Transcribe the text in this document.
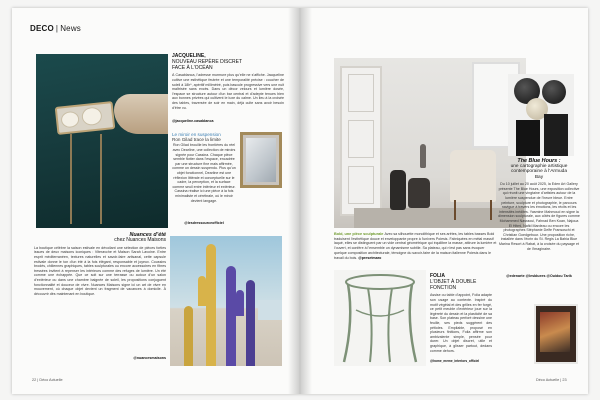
DECO | News
JACQUELINE,
NOUVEAU REPÈRE DISCRET
FACE À L’OCÉAN
À Casablanca, l’adresse murmure plus qu’elle ne s’affiche. Jacqueline cultive une esthétique feutrée et une temporalité précise : coucher de soleil à 18h*, apéritif millimétré, puis bascule progressive vers une nuit maîtrisée sans excès. Dans un décor velours et lumière dosée, l’espace se structure autour d’un bar central et d’adepte tenues bien aux bonnes privées qui cultivent le luxe du calme. Un lieu à la croisée des tables, traversée de soir en main, déjà culte sans avoir besoin d’être vu.
@jacqueline.casablanca
Le miroir en suspension
Ron Gilad trace la limite
Ron Gilad brouille les frontières du réel avec Dearline, une collection de miroirs signée pour Cassina. Chaque pièce semble flotter dans l’espace, encadrée par une structure fine mais affirmée, comme un dessin suspendu. Plus qu’un objet fonctionnel, Dearline est une réflexion littérale et conceptuelle sur le cadre, la perception, et la surface comme seuil entre intérieur et extérieur. Cassina réalise ici une pièce à la fois minimaliste et cérébrale, où le miroir devient langage.
@lesdressourceofficiel
Nuances d’été
chez Nuances Maisons
La boutique célèbre la saison estivale en dévoilant une sélection de pièces forties issues de deux maisons iconiques : Viteravche et Maison Sarah Lavoine. Entre esprit méditerranéen, textures naturelles et savoir-faire artisanal, cette capsule estivale donne le ton d’un été à la fois élégant, responsable et joyeux. Coussins brodés, chiliennes graphiques, tables sculpturales ou encore accessoires en fibres tressées invitent à repenser les intérieurs comme des refuges de lumière. Un été comme une échappée. Que ce soit sur une terrasse ou autour d’un salon d’extérieur ou dans une chambre baignée de soleil, les propositions conjuguent fonctionnalité et douceur de vivre. Nuances Maisons signe ici un art de vivre en mouvement, où chaque objet devient un fragment de vacances à domicile. À découvrir dès maintenant en boutique.
@nuancesmaisons
22 | Déco Actuelle
The Blue Hours :
une cartographie artistique
contemporaine à l’Armuda
Bay
Du 10 juillet au 20 août 2025, la Eden Art Gallery présente The Blue Hours, une exposition collective qui réunit une vingtaine d’artistes autour de la lumière suspendue de l’heure bleue. Entre peinture, sculpture et photographie, le parcours navigue à travers les émotions, les récits et les intensités inédites. Yasmine Mahmoud en signe la dimension sculpturale, aux côtés de figures comme Mohammed Nasraoui, Fahnad Ben Koan, Najoua El Hitmi, Nafid Mardeau ou encore les photographes Stéphanie Delfe Fransoschi et Christian Goedgebuur. Une proposition riche, installée dans l’écrin du St. Regis La Bahia Blue Marina Resort à Rabat, à la croisée du paysage et de l’imaginaire.
@edenarte @lesbluees @Ouidou Tarik
Bold, une pièce sculpturale Avec sa silhouette monolithique et ses arêtes, les tables basses Bold traduisent l’esthétique douce et enveloppante propre à l’univers Poiesis. Fabriquées en métal massif laqué, elles se distinguent par un vide central géométrique qui équilibre la masse, attirure la lumière et l’ouvert, et confère à l’ensemble un dynamisme subtile. Sa plateau, qui n’est pas sans évoquer quelque composition architecturale, témoigne du savoir-faire de la maison italienne Poiesis dans le travail du bois. @presetmaro
FOLIA
L’OBJET À DOUBLE
FONCTION
Assise ou table d’appoint, Folia adapte son usage au contexte. Inspiré du motif végétal et des grilles en fer forgé, ce petit meuble d’extérieur joue sur la légèreté du dessin et la plasticité de sa base. Son plateau perforé dessine une feuille, ses pieds suggèrent des pétioles. Empilable, proposé en plusieurs finitions, Folia affirme son ambivalente simple, pensée pour durer. Un objet discret, utile et graphique, à glisser partout, dedans comme dehors.
@home_meme_interiors_officiel
Déco Actuelle | 23
